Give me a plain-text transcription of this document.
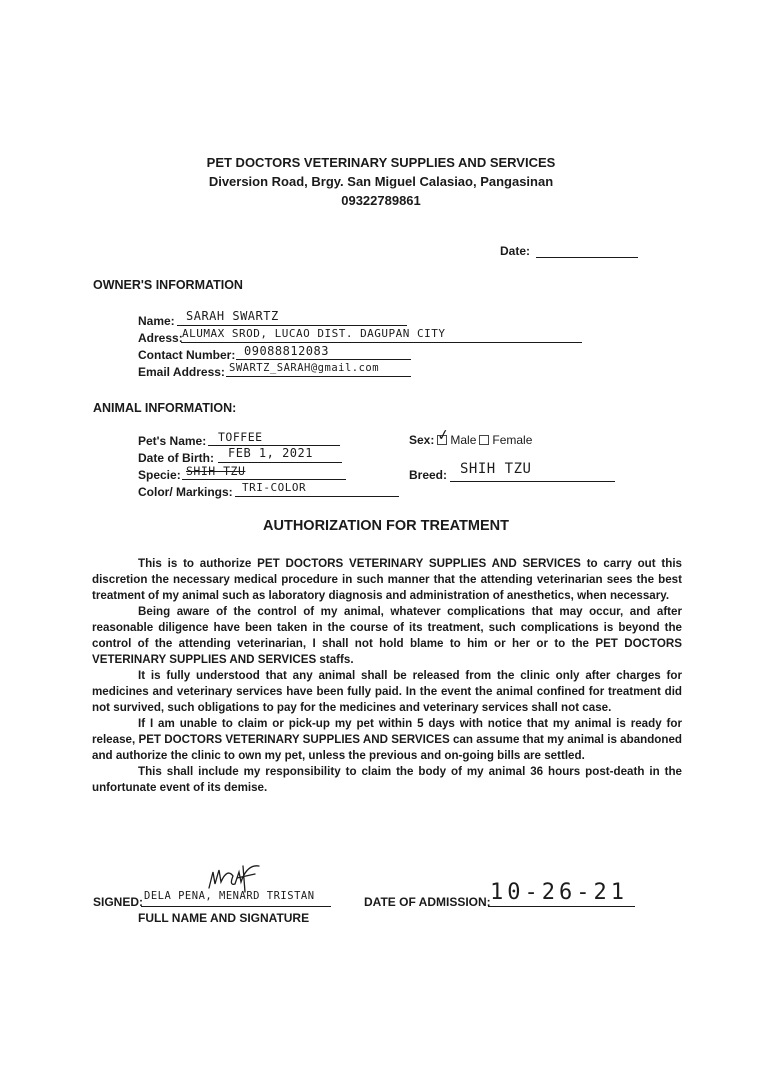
PET DOCTORS VETERINARY SUPPLIES AND SERVICES
Diversion Road, Brgy. San Miguel Calasiao, Pangasinan
09322789861
Date:
OWNER'S INFORMATION
Name: SARAH SWARTZ
Adress: ALUMAX SROD, LUCAO DIST. DAGUPAN CITY
Contact Number: 09088812083
Email Address: SWARTZ_SARAH@gmail.com
ANIMAL INFORMATION:
Pet's Name: TOFFEE
Date of Birth: FEB 1, 2021
Specie: SHIH TZU
Color/ Markings: TRI-COLOR
Sex: ✓
Male Female
Breed: SHIH TZU
AUTHORIZATION FOR TREATMENT

This is to authorize PET DOCTORS VETERINARY SUPPLIES AND SERVICES to carry out this discretion the necessary medical procedure in such manner that the attending veterinarian sees the best treatment of my animal such as laboratory diagnosis and administration of anesthetics, when necessary.

Being aware of the control of my animal, whatever complications that may occur, and after reasonable diligence have been taken in the course of its treatment, such complications is beyond the control of the attending veterinarian, I shall not hold blame to him or her or to the PET DOCTORS VETERINARY SUPPLIES AND SERVICES staffs.

It is fully understood that any animal shall be released from the clinic only after charges for medicines and veterinary services have been fully paid. In the event the animal confined for treatment did not survived, such obligations to pay for the medicines and veterinary services shall not case.

If I am unable to claim or pick-up my pet within 5 days with notice that my animal is ready for release, PET DOCTORS VETERINARY SUPPLIES AND SERVICES can assume that my animal is abandoned and authorize the clinic to own my pet, unless the previous and on-going bills are settled.

This shall include my responsibility to claim the body of my animal 36 hours post-death in the unfortunate event of its demise.

SIGNED: DELA PENA, MENARD TRISTAN
FULL NAME AND SIGNATURE
DATE OF ADMISSION: 10-26-21
